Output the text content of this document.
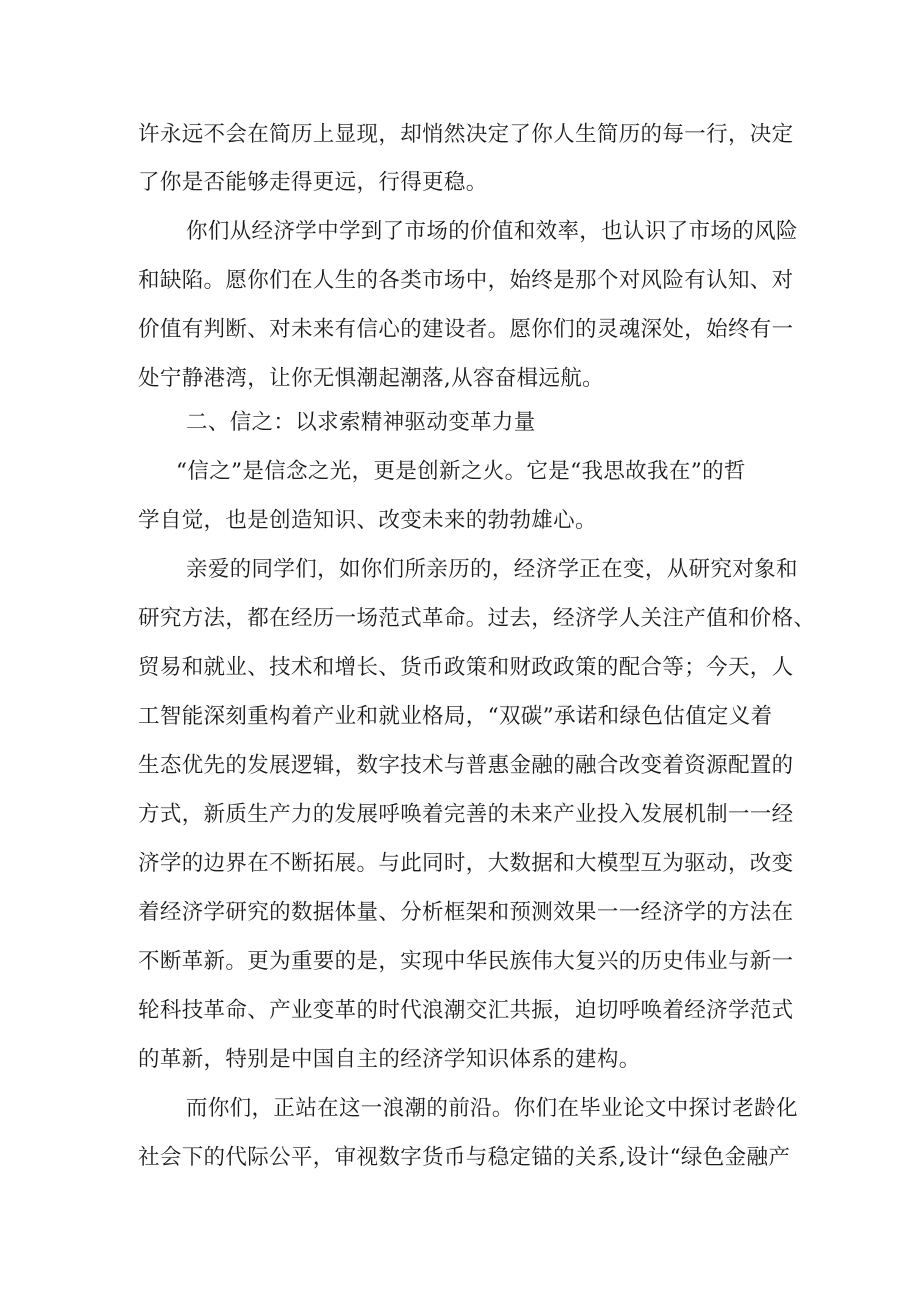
许永远不会在简历上显现，却悄然决定了你人生简历的每一行，决定
了你是否能够走得更远，行得更稳。
你们从经济学中学到了市场的价值和效率，也认识了市场的风险
和缺陷。愿你们在人生的各类市场中，始终是那个对风险有认知、对
价值有判断、对未来有信心的建设者。愿你们的灵魂深处，始终有一
处宁静港湾，让你无惧潮起潮落,从容奋楫远航。
二、信之：以求索精神驱动变革力量
“信之”是信念之光，更是创新之火。它是“我思故我在”的哲
学自觉，也是创造知识、改变未来的勃勃雄心。
亲爱的同学们，如你们所亲历的，经济学正在变，从研究对象和
研究方法，都在经历一场范式革命。过去，经济学人关注产值和价格、
贸易和就业、技术和增长、货币政策和财政政策的配合等；今天，人
工智能深刻重构着产业和就业格局，“双碳”承诺和绿色估值定义着
生态优先的发展逻辑，数字技术与普惠金融的融合改变着资源配置的
方式，新质生产力的发展呼唤着完善的未来产业投入发展机制一一经
济学的边界在不断拓展。与此同时，大数据和大模型互为驱动，改变
着经济学研究的数据体量、分析框架和预测效果一一经济学的方法在
不断革新。更为重要的是，实现中华民族伟大复兴的历史伟业与新一
轮科技革命、产业变革的时代浪潮交汇共振，迫切呼唤着经济学范式
的革新，特别是中国自主的经济学知识体系的建构。
而你们，正站在这一浪潮的前沿。你们在毕业论文中探讨老龄化
社会下的代际公平，审视数字货币与稳定锚的关系,设计“绿色金融产
